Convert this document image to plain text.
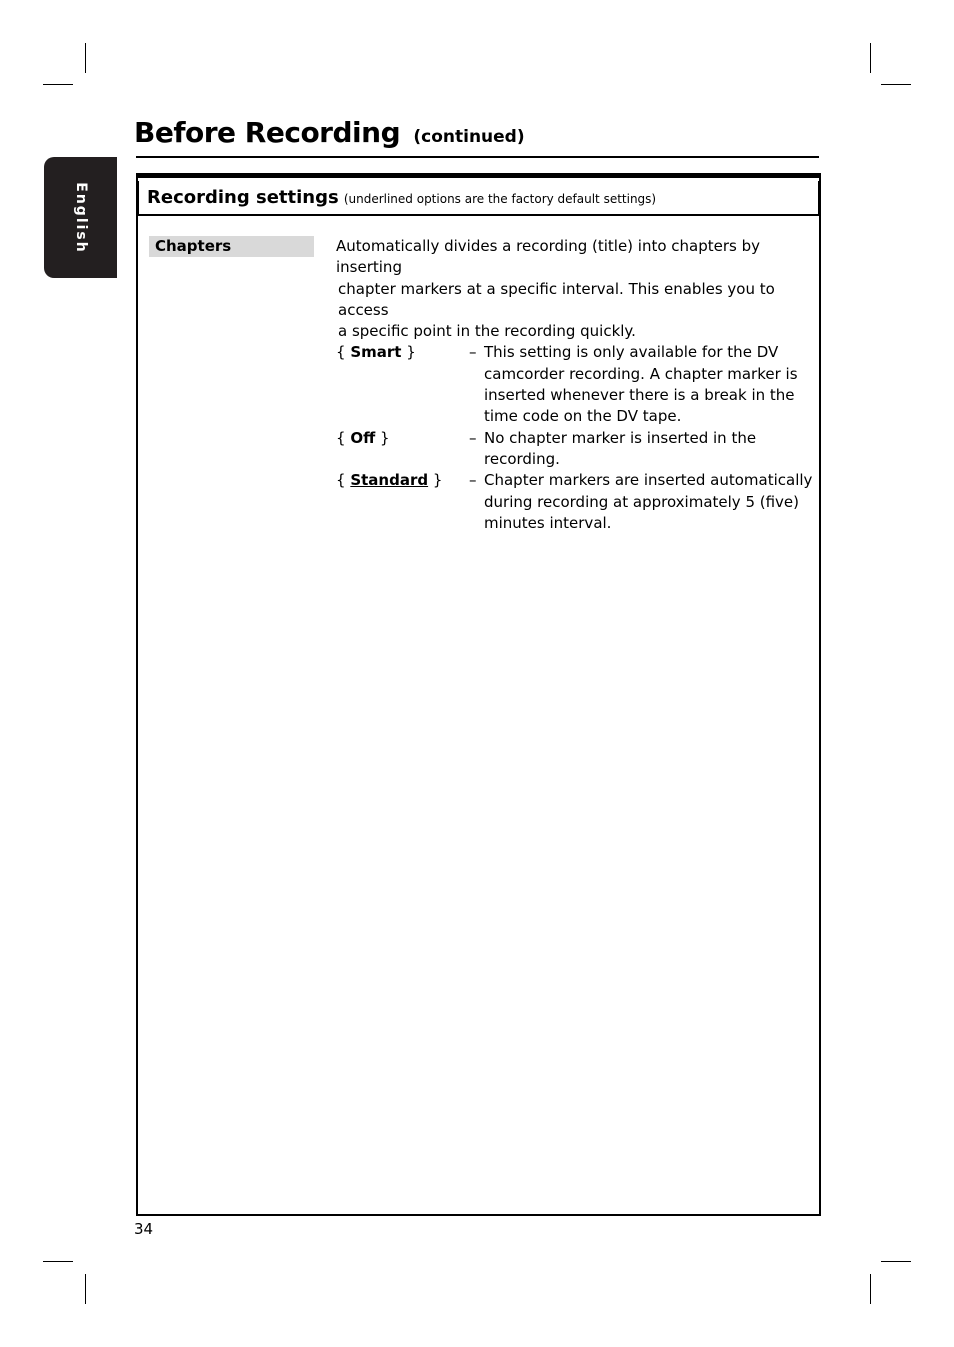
English
Before Recording (continued)
Recording settings (underlined options are the factory default settings)
Chapters	Automatically divides a recording (title) into chapters by inserting
chapter markers at a specific interval. This enables you to access
a specific point in the recording quickly.
{ Smart }	– This setting is only available for the DV
camcorder recording. A chapter marker is
inserted whenever there is a break in the
time code on the DV tape.
{ Off }	– No chapter marker is inserted in the
recording.
{ Standard } – Chapter markers are inserted automatically
during recording at approximately 5 (five)
minutes interval.
34
